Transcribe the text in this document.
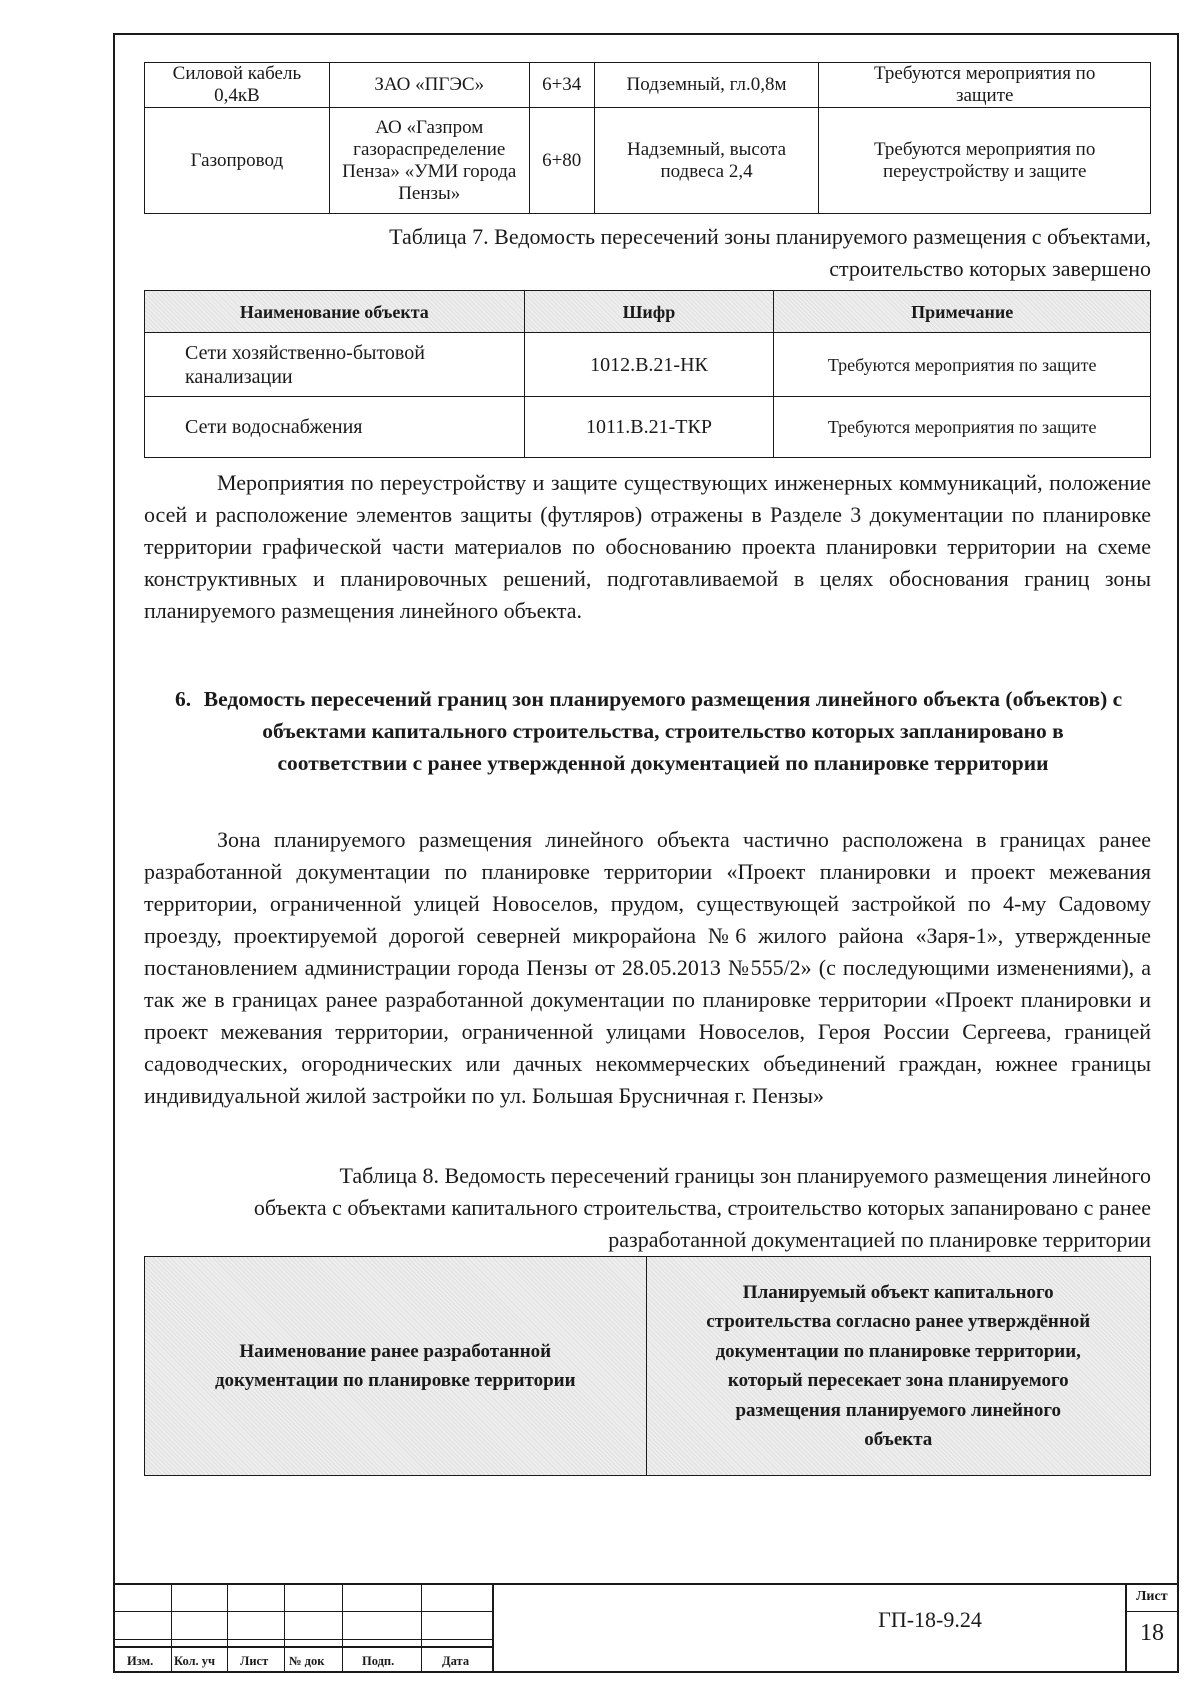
Силовой кабель 0,4кВ	ЗАО «ПГЭС»	6+34	Подземный, гл.0,8м	Требуются мероприятия по защите
Газопровод	АО «Газпром газораспределение Пенза» «УМИ города Пензы»	6+80	Надземный, высота подвеса 2,4	Требуются мероприятия по переустройству и защите
Таблица 7. Ведомость пересечений зоны планируемого размещения с объектами,
строительство которых завершено
Наименование объекта	Шифр	Примечание
Сети хозяйственно-бытовой канализации	1012.В.21-НК	Требуются мероприятия по защите
Сети водоснабжения	1011.В.21-ТКР	Требуются мероприятия по защите

Мероприятия по переустройству и защите существующих инженерных коммуникаций, положение осей и расположение элементов защиты (футляров) отражены в Разделе 3 документации по планировке территории графической части материалов по обоснованию проекта планировки территории на схеме конструктивных и планировочных решений, подготавливаемой в целях обоснования границ зоны планируемого размещения линейного объекта.

6. Ведомость пересечений границ зон планируемого размещения линейного объекта (объектов) с объектами капитального строительства, строительство которых запланировано в соответствии с ранее утвержденной документацией по планировке территории

Зона планируемого размещения линейного объекта частично расположена в границах ранее разработанной документации по планировке территории «Проект планировки и проект межевания территории, ограниченной улицей Новоселов, прудом, существующей застройкой по 4-му Садовому проезду, проектируемой дорогой северней микрорайона №6 жилого района «Заря-1», утвержденные постановлением администрации города Пензы от 28.05.2013 №555/2» (с последующими изменениями), а так же в границах ранее разработанной документации по планировке территории «Проект планировки и проект межевания территории, ограниченной улицами Новоселов, Героя России Сергеева, границей садоводческих, огороднических или дачных некоммерческих объединений граждан, южнее границы индивидуальной жилой застройки по ул. Большая Брусничная г. Пензы»

Таблица 8. Ведомость пересечений границы зон планируемого размещения линейного
объекта с объектами капитального строительства, строительство которых запанировано с ранее
разработанной документацией по планировке территории
Наименование ранее разработанной документации по планировке территории	Планируемый объект капитального строительства согласно ранее утверждённой документации по планировке территории, который пересекает зона планируемого размещения планируемого линейного объекта
Изм. Кол. уч Лист № док	Подп.	Дата
ГП-18-9.24
Лист
18
